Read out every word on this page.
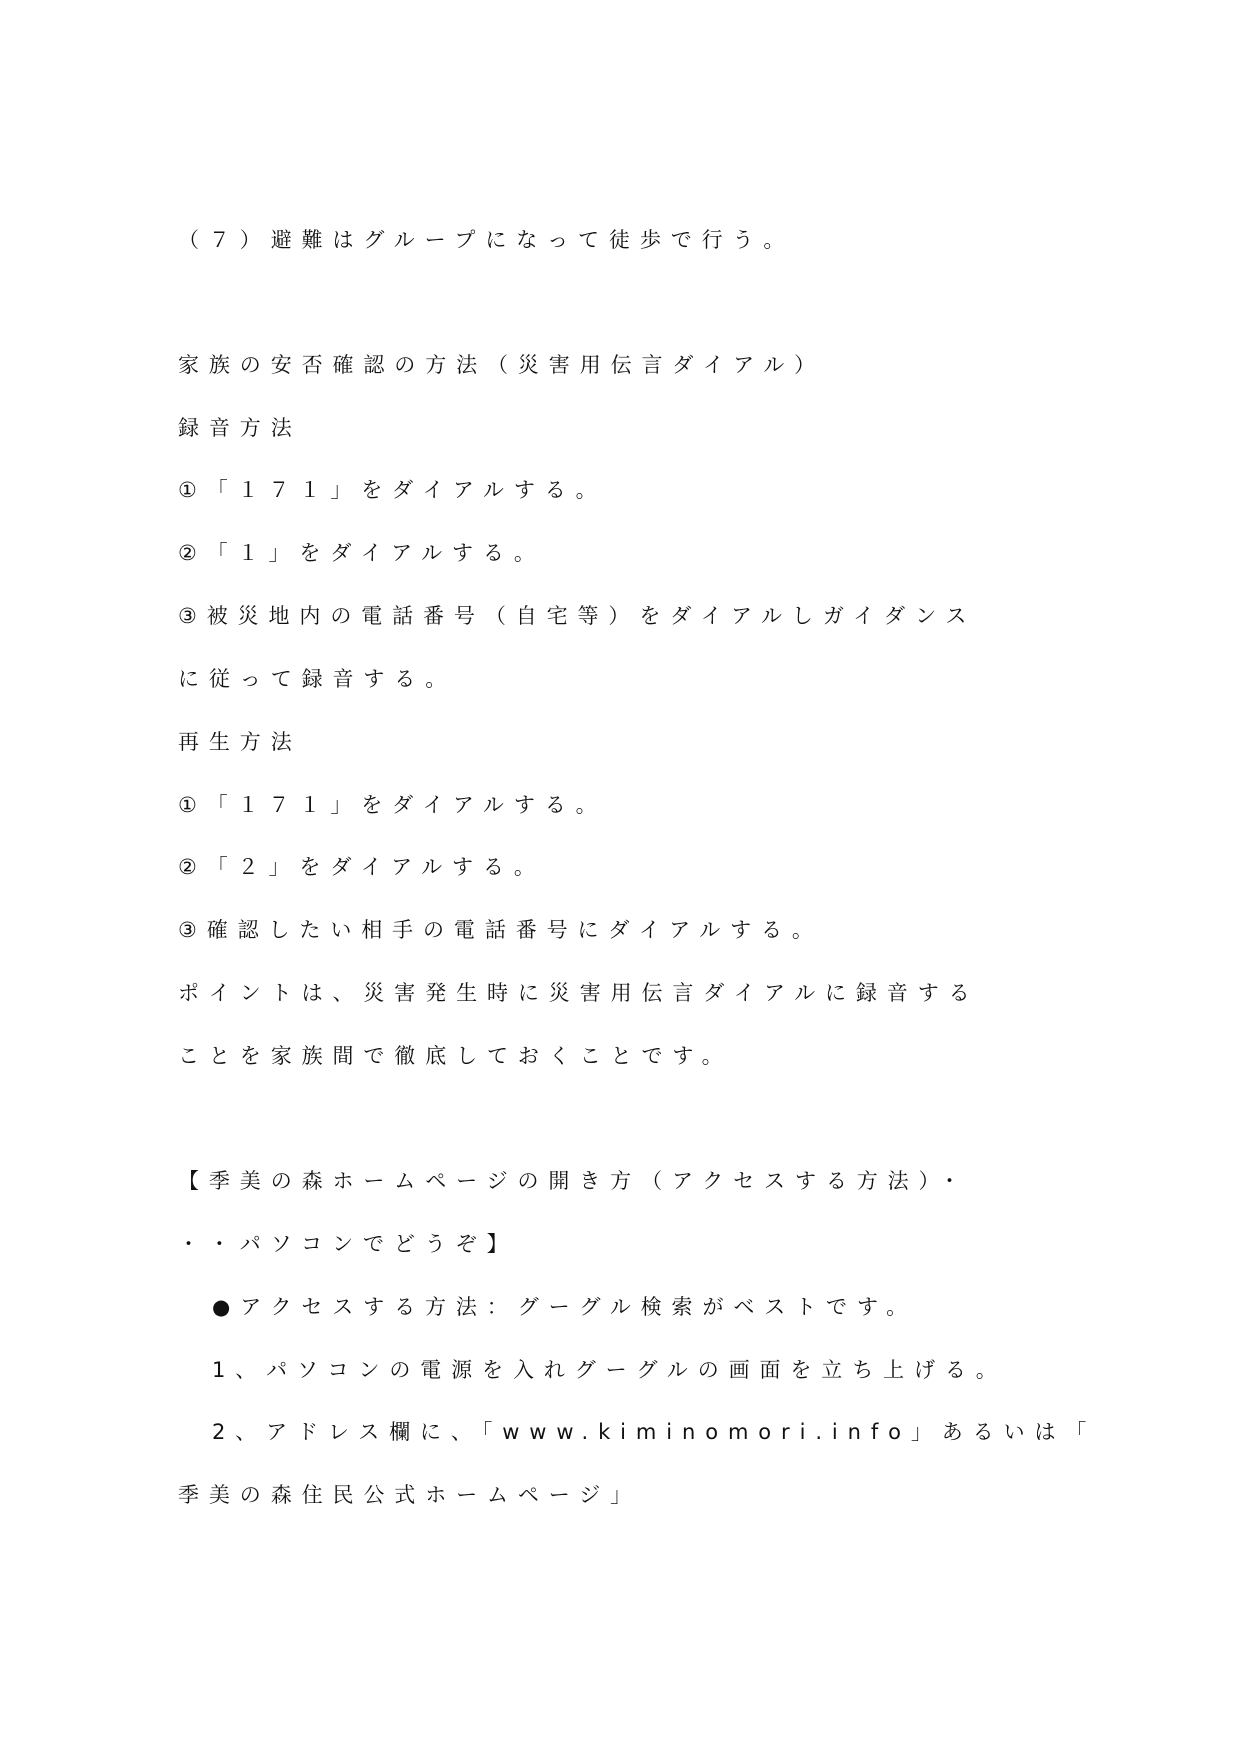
（７）避難はグループになって徒歩で行う。
家族の安否確認の方法（災害用伝言ダイアル）
録音方法
①「１７１」をダイアルする。
②「１」をダイアルする。
③被災地内の電話番号（自宅等）をダイアルしガイダンス
に従って録音する。
再生方法
①「１７１」をダイアルする。
②「２」をダイアルする。
③確認したい相手の電話番号にダイアルする。
ポイントは、災害発生時に災害用伝言ダイアルに録音する
ことを家族間で徹底しておくことです。
【季美の森ホームページの開き方（アクセスする方法）・
・・パソコンでどうぞ】
●アクセスする方法：グーグル検索がベストです。
1、パソコンの電源を入れグーグルの画面を立ち上げる。
2、アドレス欄に、「www.kiminomori.info」あるいは「
季美の森住民公式ホームページ」
